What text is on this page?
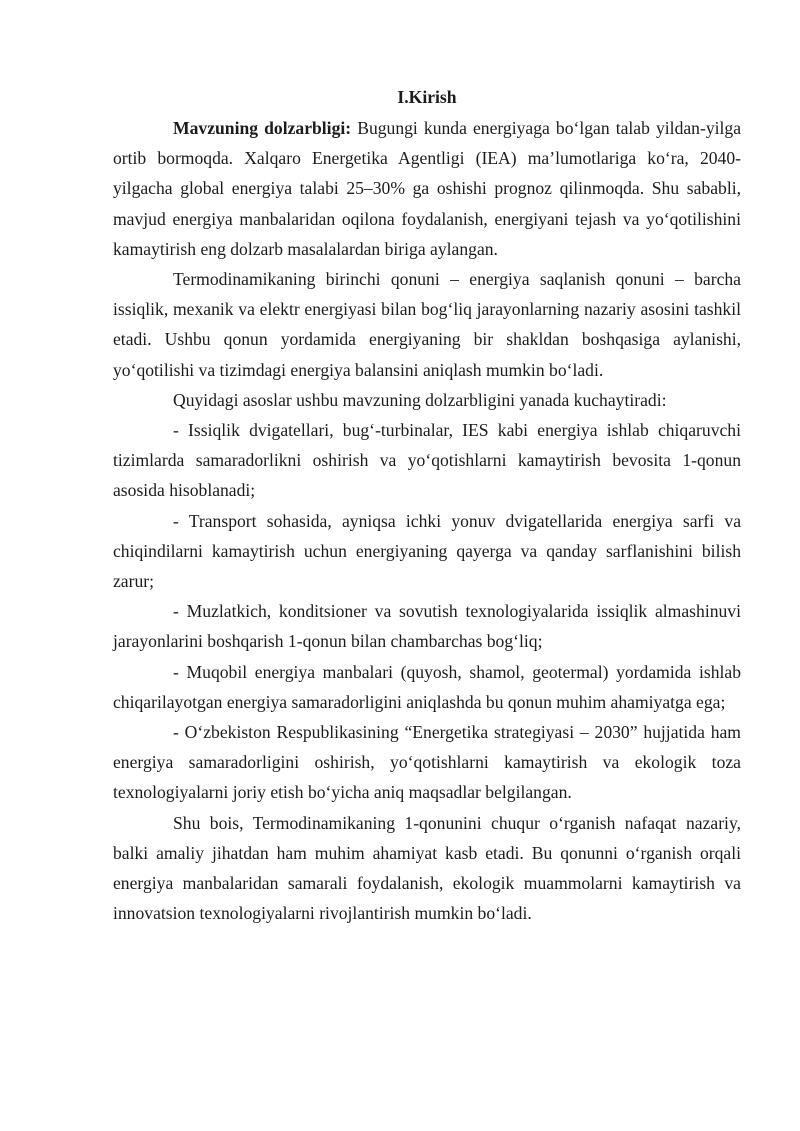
I.Kirish

Mavzuning dolzarbligi: Bugungi kunda energiyaga bo‘lgan talab yildan-yilga ortib bormoqda. Xalqaro Energetika Agentligi (IEA) ma’lumotlariga ko‘ra, 2040-yilgacha global energiya talabi 25–30% ga oshishi prognoz qilinmoqda. Shu sababli, mavjud energiya manbalaridan oqilona foydalanish, energiyani tejash va yo‘qotilishini kamaytirish eng dolzarb masalalardan biriga aylangan.

Termodinamikaning birinchi qonuni – energiya saqlanish qonuni – barcha issiqlik, mexanik va elektr energiyasi bilan bog‘liq jarayonlarning nazariy asosini tashkil etadi. Ushbu qonun yordamida energiyaning bir shakldan boshqasiga aylanishi, yo‘qotilishi va tizimdagi energiya balansini aniqlash mumkin bo‘ladi.

Quyidagi asoslar ushbu mavzuning dolzarbligini yanada kuchaytiradi:

- Issiqlik dvigatellari, bug‘-turbinalar, IES kabi energiya ishlab chiqaruvchi tizimlarda samaradorlikni oshirish va yo‘qotishlarni kamaytirish bevosita 1-qonun asosida hisoblanadi;

- Transport sohasida, ayniqsa ichki yonuv dvigatellarida energiya sarfi va chiqindilarni kamaytirish uchun energiyaning qayerga va qanday sarflanishini bilish zarur;

- Muzlatkich, konditsioner va sovutish texnologiyalarida issiqlik almashinuvi jarayonlarini boshqarish 1-qonun bilan chambarchas bog‘liq;

- Muqobil energiya manbalari (quyosh, shamol, geotermal) yordamida ishlab chiqarilayotgan energiya samaradorligini aniqlashda bu qonun muhim ahamiyatga ega;

- O‘zbekiston Respublikasining “Energetika strategiyasi – 2030” hujjatida ham energiya samaradorligini oshirish, yo‘qotishlarni kamaytirish va ekologik toza texnologiyalarni joriy etish bo‘yicha aniq maqsadlar belgilangan.

Shu bois, Termodinamikaning 1-qonunini chuqur o‘rganish nafaqat nazariy, balki amaliy jihatdan ham muhim ahamiyat kasb etadi. Bu qonunni o‘rganish orqali energiya manbalaridan samarali foydalanish, ekologik muammolarni kamaytirish va innovatsion texnologiyalarni rivojlantirish mumkin bo‘ladi.
